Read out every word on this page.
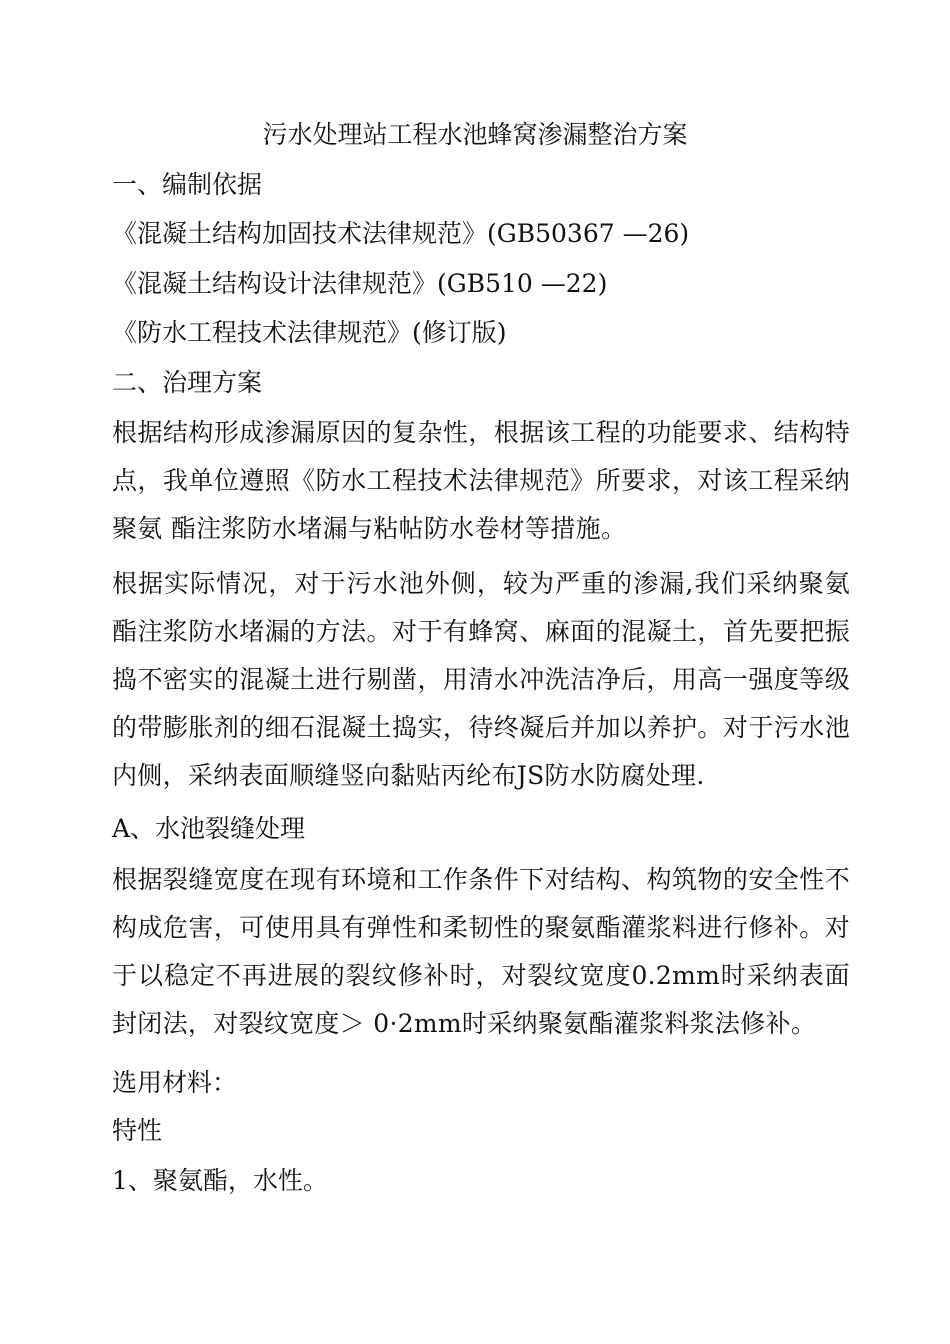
污水处理站工程水池蜂窝渗漏整治方案
一、编制依据
《混凝土结构加固技术法律规范》(GB50367 —26)
《混凝土结构设计法律规范》(GB510 —22)
《防水工程技术法律规范》(修订版)
二、治理方案
根据结构形成渗漏原因的复杂性，根据该工程的功能要求、结构特点，我单位遵照《防水工程技术法律规范》所要求，对该工程采纳聚氨 酯注浆防水堵漏与粘帖防水卷材等措施。
根据实际情况，对于污水池外侧，较为严重的渗漏,我们采纳聚氨 酯注浆防水堵漏的方法。对于有蜂窝、麻面的混凝土，首先要把振 捣不密实的混凝土进行剔凿，用清水冲洗洁净后，用高一强度等级 的带膨胀剂的细石混凝土捣实，待终凝后并加以养护。对于污水池 内侧，采纳表面顺缝竖向黏贴丙纶布JS防水防腐处理.
A、水池裂缝处理
根据裂缝宽度在现有环境和工作条件下对结构、构筑物的安全性不构成危害，可使用具有弹性和柔韧性的聚氨酯灌浆料进行修补。对于以稳定不再进展的裂纹修补时，对裂纹宽度0.2mm时采纳表面 封闭法，对裂纹宽度＞ 0·2mm时采纳聚氨酯灌浆料浆法修补。
选用材料：
特性
1、聚氨酯，水性。
